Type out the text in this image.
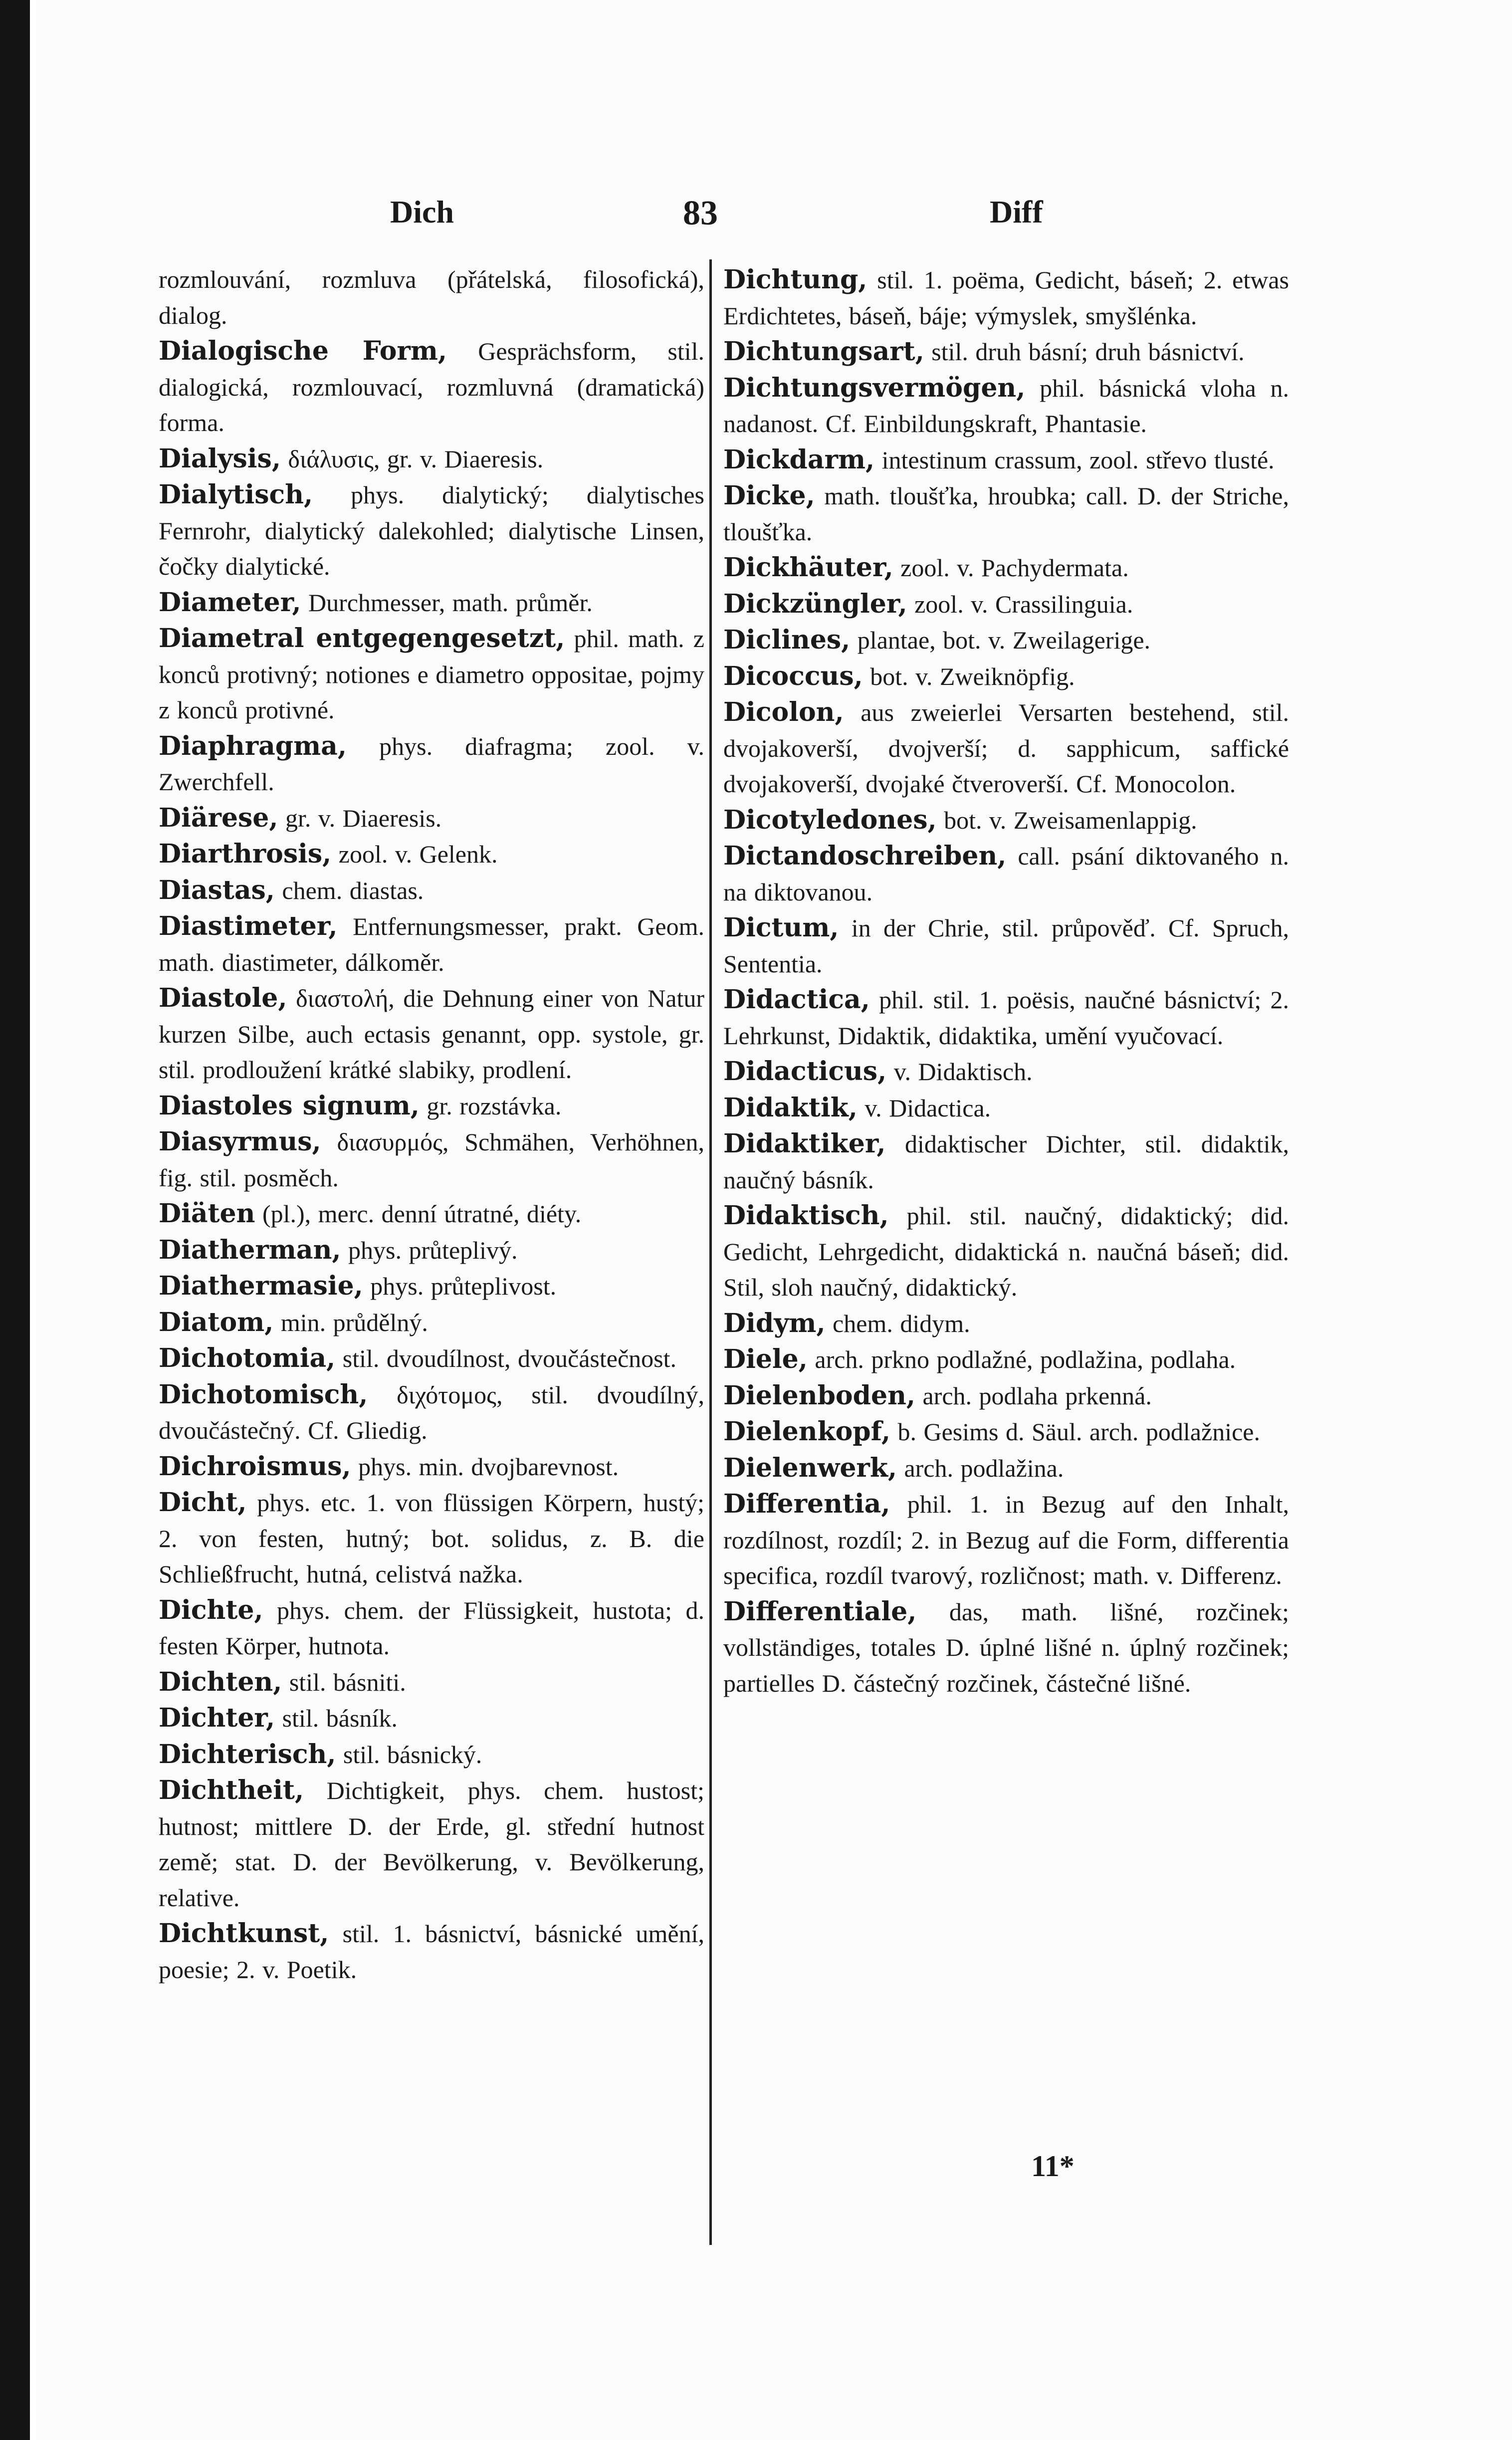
Dich	83	Diff

rozmlouvání, rozmluva (přátelská, filosofická), dialog.

Dialogische Form, Gesprächsform, stil. dialogická, rozmlouvací, rozmluvná (dramatická) forma.

Dialysis, διάλυσις, gr. v. Diaeresis.

Dialytisch, phys. dialytický; dialytisches Fernrohr, dialytický dalekohled; dialytische Linsen, čočky dialytické.

Diameter, Durchmesser, math. průměr.

Diametral entgegengesetzt, phil. math. z konců protivný; notiones e diametro oppositae, pojmy z konců protivné.

Diaphragma, phys. diafragma; zool. v. Zwerchfell.

Diärese, gr. v. Diaeresis.

Diarthrosis, zool. v. Gelenk.

Diastas, chem. diastas.

Diastimeter, Entfernungsmesser, prakt. Geom. math. diastimeter, dálkoměr.

Diastole, διαστολή, die Dehnung einer von Natur kurzen Silbe, auch ectasis genannt, opp. systole, gr. stil. prodloužení krátké slabiky, prodlení.

Diastoles signum, gr. rozstávka.

Diasyrmus, διασυρμός, Schmähen, Verhöhnen, fig. stil. posměch.

Diäten (pl.), merc. denní útratné, diéty.

Diatherman, phys. průteplivý.

Diathermasie, phys. průteplivost.

Diatom, min. průdělný.

Dichotomia, stil. dvoudílnost, dvoučástečnost.

Dichotomisch, διχότομος, stil. dvoudílný, dvoučástečný. Cf. Gliedig.

Dichroismus, phys. min. dvojbarevnost.

Dicht, phys. etc. 1. von flüssigen Körpern, hustý; 2. von festen, hutný; bot. solidus, z. B. die Schließfrucht, hutná, celistvá nažka.

Dichte, phys. chem. der Flüssigkeit, hustota; d. festen Körper, hutnota.

Dichten, stil. básniti.

Dichter, stil. básník.

Dichterisch, stil. básnický.

Dichtheit, Dichtigkeit, phys. chem. hustost; hutnost; mittlere D. der Erde, gl. střední hutnost země; stat. D. der Bevölkerung, v. Bevölkerung, relative.

Dichtkunst, stil. 1. básnictví, básnické umění, poesie; 2. v. Poetik.

Dichtung, stil. 1. poëma, Gedicht, báseň; 2. etwas Erdichtetes, báseň, báje; výmyslek, smyšlénka.

Dichtungsart, stil. druh básní; druh básnictví.

Dichtungsvermögen, phil. básnická vloha n. nadanost. Cf. Einbildungskraft, Phantasie.

Dickdarm, intestinum crassum, zool. střevo tlusté.

Dicke, math. tloušťka, hroubka; call. D. der Striche, tloušťka.

Dickhäuter, zool. v. Pachydermata.

Dickzüngler, zool. v. Crassilinguia.

Diclines, plantae, bot. v. Zweilagerige.

Dicoccus, bot. v. Zweiknöpfig.

Dicolon, aus zweierlei Versarten bestehend, stil. dvojakoverší, dvojverší; d. sapphicum, saffické dvojakoverší, dvojaké čtveroverší. Cf. Monocolon.

Dicotyledones, bot. v. Zweisamenlappig.

Dictandoschreiben, call. psání diktovaného n. na diktovanou.

Dictum, in der Chrie, stil. průpověď. Cf. Spruch, Sententia.

Didactica, phil. stil. 1. poësis, naučné básnictví; 2. Lehrkunst, Didaktik, didaktika, umění vyučovací.

Didacticus, v. Didaktisch.

Didaktik, v. Didactica.

Didaktiker, didaktischer Dichter, stil. didaktik, naučný básník.

Didaktisch, phil. stil. naučný, didaktický; did. Gedicht, Lehrgedicht, didaktická n. naučná báseň; did. Stil, sloh naučný, didaktický.

Didym, chem. didym.

Diele, arch. prkno podlažné, podlažina, podlaha.

Dielenboden, arch. podlaha prkenná.

Dielenkopf, b. Gesims d. Säul. arch. podlažnice.

Dielenwerk, arch. podlažina.

Differentia, phil. 1. in Bezug auf den Inhalt, rozdílnost, rozdíl; 2. in Bezug auf die Form, differentia specifica, rozdíl tvarový, rozličnost; math. v. Differenz.

Differentiale, das, math. lišné, rozčinek; vollständiges, totales D. úplné lišné n. úplný rozčinek; partielles D. částečný rozčinek, částečné lišné.

11*
